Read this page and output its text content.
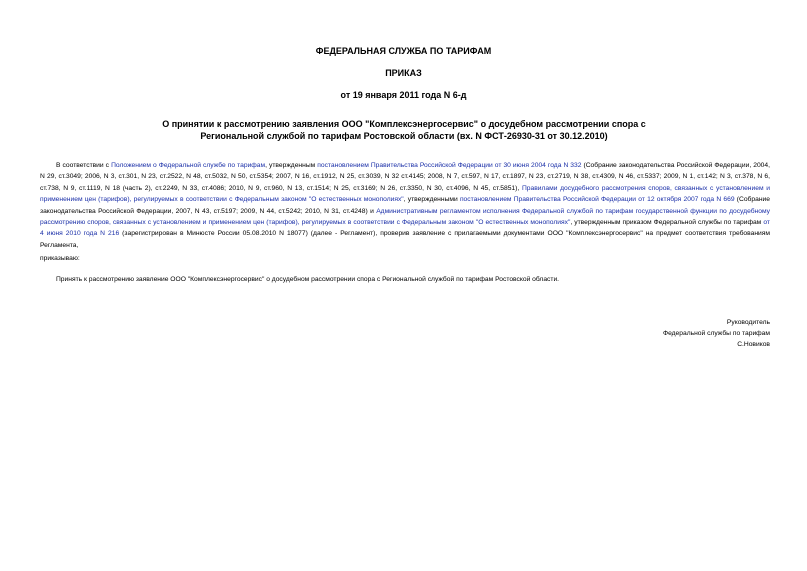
ФЕДЕРАЛЬНАЯ СЛУЖБА ПО ТАРИФАМ
ПРИКАЗ
от 19 января 2011 года N 6-д
О принятии к рассмотрению заявления ООО "Комплексэнергосервис" о досудебном рассмотрении спора с Региональной службой по тарифам Ростовской области (вх. N ФСТ-26930-31 от 30.12.2010)
В соответствии с Положением о Федеральной службе по тарифам, утвержденным постановлением Правительства Российской Федерации от 30 июня 2004 года N 332 (Собрание законодательства Российской Федерации, 2004, N 29, ст.3049; 2006, N 3, ст.301, N 23, ст.2522, N 48, ст.5032, N 50, ст.5354; 2007, N 16, ст.1912, N 25, ст.3039, N 32 ст.4145; 2008, N 7, ст.597, N 17, ст.1897, N 23, ст.2719, N 38, ст.4309, N 46, ст.5337; 2009, N 1, ст.142; N 3, ст.378, N 6, ст.738, N 9, ст.1119, N 18 (часть 2), ст.2249, N 33, ст.4086; 2010, N 9, ст.960, N 13, ст.1514; N 25, ст.3169; N 26, ст.3350, N 30, ст.4096, N 45, ст.5851), Правилами досудебного рассмотрения споров, связанных с установлением и применением цен (тарифов), регулируемых в соответствии с Федеральным законом "О естественных монополиях", утвержденными постановлением Правительства Российской Федерации от 12 октября 2007 года N 669 (Собрание законодательства Российской Федерации, 2007, N 43, ст.5197; 2009, N 44, ст.5242; 2010, N 31, ст.4248) и Административным регламентом исполнения Федеральной службой по тарифам государственной функции по досудебному рассмотрению споров, связанных с установлением и применением цен (тарифов), регулируемых в соответствии с Федеральным законом "О естественных монополиях", утвержденным приказом Федеральной службы по тарифам от 4 июня 2010 года N 216 (зарегистрирован в Минюсте России 05.08.2010 N 18077) (далее - Регламент), проверив заявление с прилагаемыми документами ООО "Комплексэнергосервис" на предмет соответствия требованиям Регламента,
приказываю:
Принять к рассмотрению заявление ООО "Комплексэнергосервис" о досудебном рассмотрении спора с Региональной службой по тарифам Ростовской области.
Руководитель
Федеральной службы по тарифам
С.Новиков
